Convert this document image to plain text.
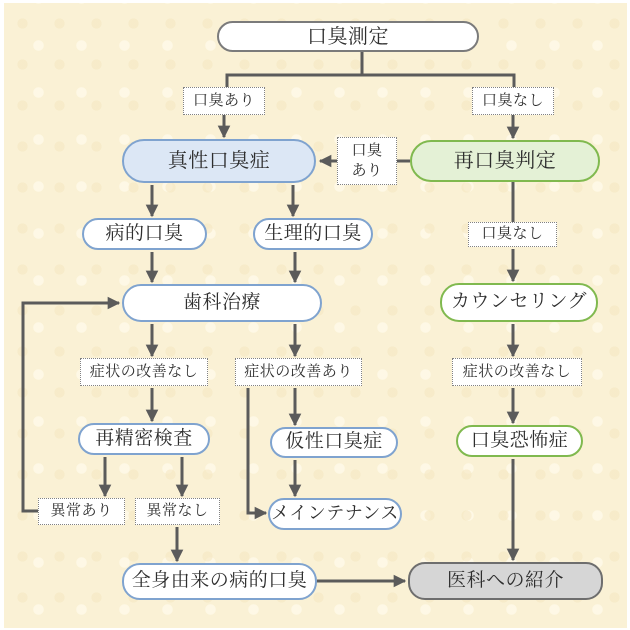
口臭測定
真性口臭症	再口臭判定
病的口臭	生理的口臭
歯科治療
再精密検査	仮性口臭症
メインテナンス
全身由来の病的口臭
カウンセリング
口臭恐怖症
医科への紹介
口臭あり	口臭なし
口臭
あり
症状の改善なし	症状の改善あり
口臭なし
症状の改善なし
異常あり 異常なし
